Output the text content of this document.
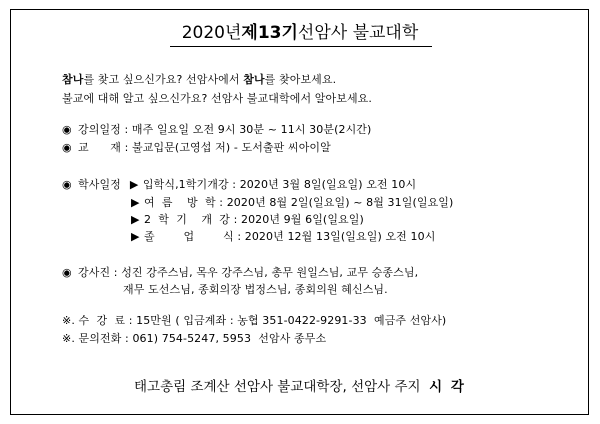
2020년제13기선암사 불교대학
참나를 찾고 싶으신가요? 선암사에서 참나를 찾아보세요.
불교에 대해 알고 싶으신가요? 선암사 불교대학에서 알아보세요.
◉ 강의일정 : 매주 일요일 오전 9시 30분 ~ 11시 30분(2시간)
◉ 교      재 : 불교입문(고영섭 저) - 도서출판 씨아이알
◉ 학사일정 ▶ 입학식,1학기개강 : 2020년 3월 8일(일요일) 오전 10시
▶ 여  름    방  학 : 2020년 8월 2일(일요일) ~ 8월 31일(일요일)
▶ 2  학  기    개  강 : 2020년 9월 6일(일요일)
▶ 졸        업        식 : 2020년 12월 13일(일요일) 오전 10시
◉ 강사진 : 성진 강주스님, 목우 강주스님, 총무 원일스님, 교무 승종스님,
재무 도선스님, 종회의장 법정스님, 종회의원 혜신스님.
※. 수  강  료 : 15만원 ( 입금계좌 : 농협 351-0422-9291-33  예금주 선암사)
※. 문의전화 : 061) 754-5247, 5953  선암사 종무소
태고총림 조계산 선암사 불교대학장, 선암사 주지  시 각
